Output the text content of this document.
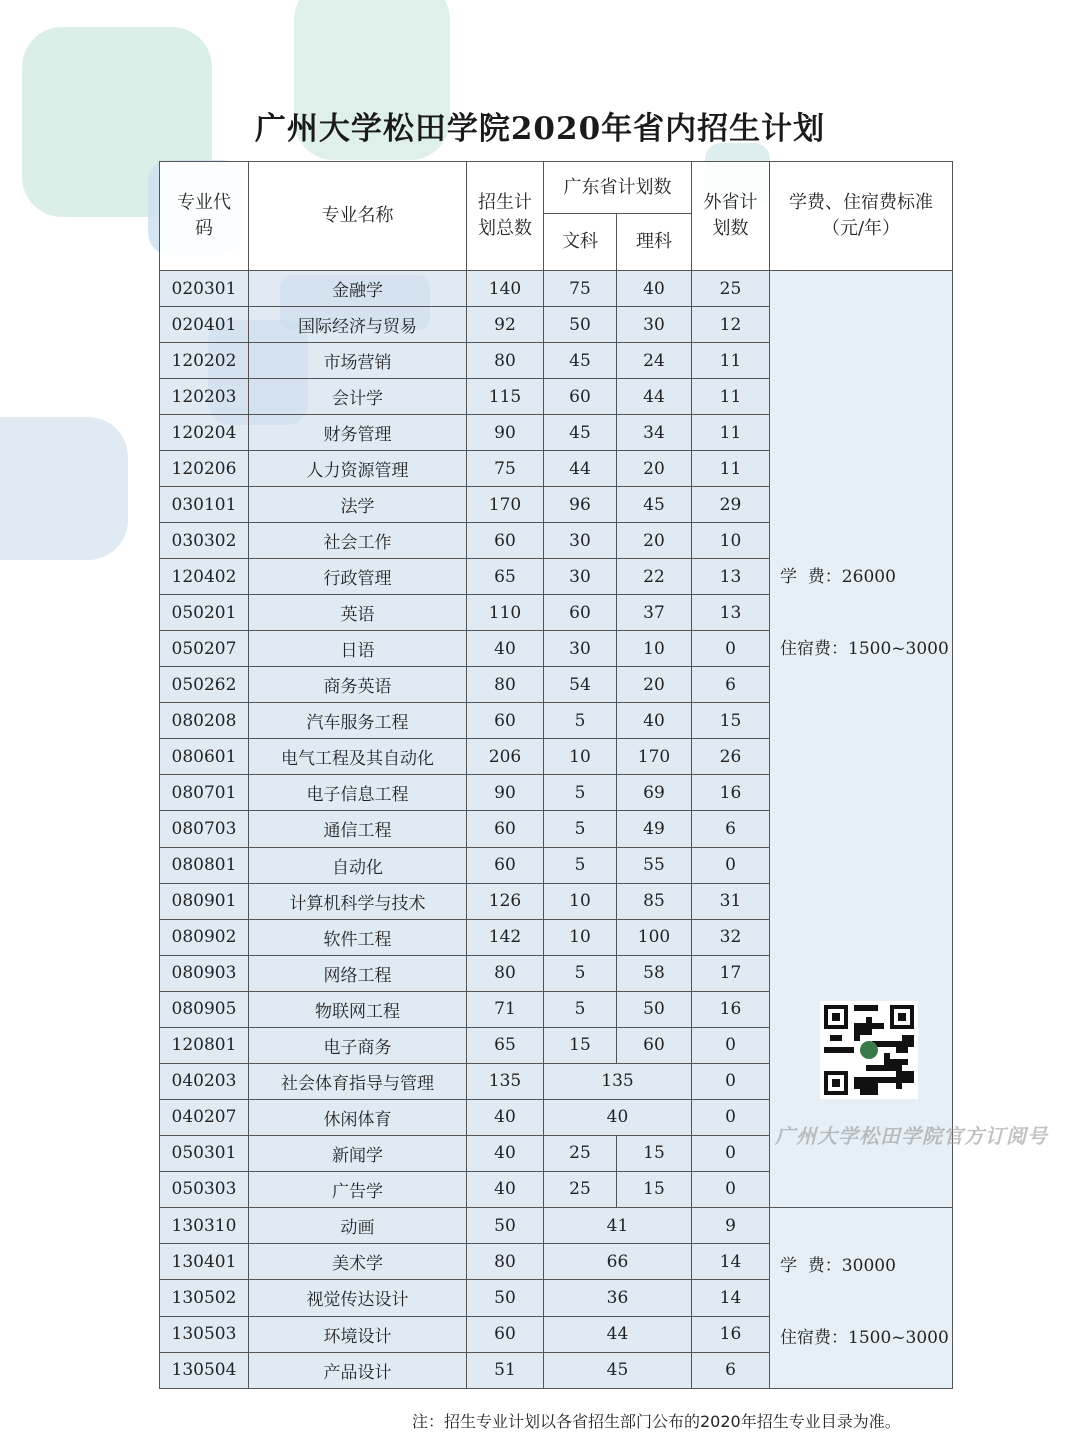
广州大学松田学院2020年省内招生计划
专业代码	专业名称	招生计划总数	广东省计划数		外省计划数	学费、住宿费标准
（元/年）

			文科	理科		
020301	金融学	140	75	40	25	学  费：26000
住宿费：1500~3000

020401	国际经济与贸易	92	50	30	12	
120202	市场营销	80	45	24	11	
120203	会计学	115	60	44	11	
120204	财务管理	90	45	34	11	
120206	人力资源管理	75	44	20	11	
030101	法学	170	96	45	29	
030302	社会工作	60	30	20	10	
120402	行政管理	65	30	22	13	
050201	英语	110	60	37	13	
050207	日语	40	30	10	0	
050262	商务英语	80	54	20	6	
080208	汽车服务工程	60	5	40	15	
080601	电气工程及其自动化	206	10	170	26	
080701	电子信息工程	90	5	69	16	
080703	通信工程	60	5	49	6	
080801	自动化	60	5	55	0	
080901	计算机科学与技术	126	10	85	31	
080902	软件工程	142	10	100	32	
080903	网络工程	80	5	58	17	
080905	物联网工程	71	5	50	16	
120801	电子商务	65	15	60	0	
040203	社会体育指导与管理	135	135		0	
040207	休闲体育	40	40		0	
050301	新闻学	40	25	15	0	
050303	广告学	40	25	15	0	
130310	动画	50	41		9	学  费：30000
住宿费：1500~3000

130401	美术学	80	66		14	
130502	视觉传达设计	50	36		14	
130503	环境设计	60	44		16	
130504	产品设计	51	45		6	
广州大学松田学院官方订阅号
注：招生专业计划以各省招生部门公布的2020年招生专业目录为准。
